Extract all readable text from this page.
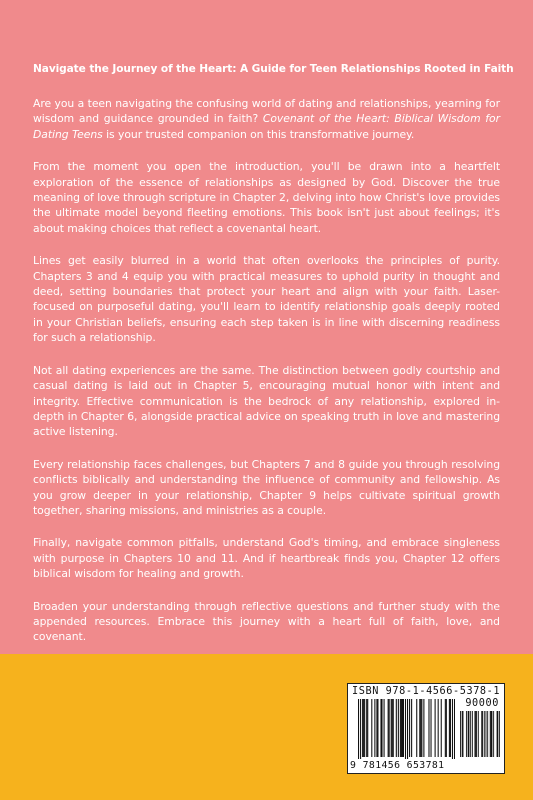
Navigate the Journey of the Heart: A Guide for Teen Relationships Rooted in Faith

Are you a teen navigating the confusing world of dating and relationships, yearning for wisdom and guidance grounded in faith? Covenant of the Heart: Biblical Wisdom for Dating Teens is your trusted companion on this transformative journey.

From the moment you open the introduction, you'll be drawn into a heartfelt exploration of the essence of relationships as designed by God. Discover the true meaning of love through scripture in Chapter 2, delving into how Christ's love provides the ultimate model beyond fleeting emotions. This book isn't just about feelings; it's about making choices that reflect a covenantal heart.

Lines get easily blurred in a world that often overlooks the principles of purity. Chapters 3 and 4 equip you with practical measures to uphold purity in thought and deed, setting boundaries that protect your heart and align with your faith. Laser-focused on purposeful dating, you'll learn to identify relationship goals deeply rooted in your Christian beliefs, ensuring each step taken is in line with discerning readiness for such a relationship.

Not all dating experiences are the same. The distinction between godly courtship and casual dating is laid out in Chapter 5, encouraging mutual honor with intent and integrity. Effective communication is the bedrock of any relationship, explored in-depth in Chapter 6, alongside practical advice on speaking truth in love and mastering active listening.

Every relationship faces challenges, but Chapters 7 and 8 guide you through resolving conflicts biblically and understanding the influence of community and fellowship. As you grow deeper in your relationship, Chapter 9 helps cultivate spiritual growth together, sharing missions, and ministries as a couple.

Finally, navigate common pitfalls, understand God's timing, and embrace singleness with purpose in Chapters 10 and 11. And if heartbreak finds you, Chapter 12 offers biblical wisdom for healing and growth.

Broaden your understanding through reflective questions and further study with the appended resources. Embrace this journey with a heart full of faith, love, and covenant.

ISBN 978-1-4566-5378-1
90000
9 781456 653781
